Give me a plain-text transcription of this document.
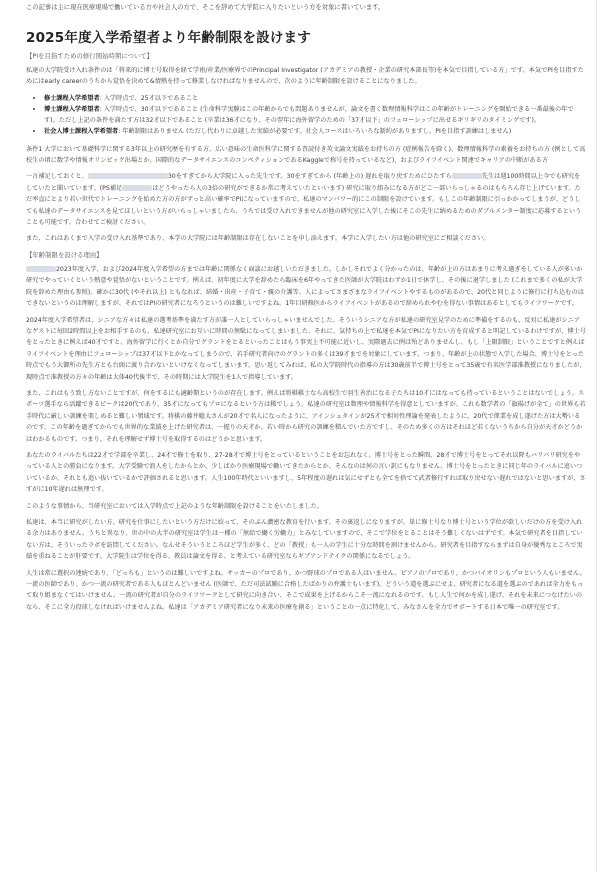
この記事は主に現在医療現場で働いている方や社会人の方で、そこを辞めて大学院に入りたいという方を対象に書いています。

2025年度入学希望者より年齢制限を設けます
【PIを目指すための修行開始時期について】

私達の大学院受け入れ条件のは「将来的に博士号取得を経て学術/産業/医療界でのPrincipal Investigator (アカデミアの教授・企業の研究本部長等)を本気で目指している方」です。本気でPIを目指すためにはearly careerのうちから覚悟を決めて&情熱を持って修業しなければなりませんので、次のように年齢制限を設けることになりました。

• 修士課程入学希望者: 入学時点で、25才以下であること
• 博士課程入学希望者: 入学時点で、30才以下であること (生命科学実験はこの年齢からでも問題ありませんが、論文を書く数理情報科学はこの年齢がトレーニングを開始できる一番最後の年です)。ただし上記の条件を満たす方は32才以下であること (卒業は36才になり、その翌年に海外留学のための「37才以下」のフェローシップに出せるギリギリのタイミングです)。
• 社会人博士課程入学希望者: 年齢制限はありません (ただし代わりに卓越した実績が必要です。社会人コースはいろいろな制約がありますし、PIを目指す訓練はしません)

条件1 大学において基礎科学に関する3年以上の研究歴を有する方、広い意味の生命医科学に関する査読付き英文論文実績をお持ちの方 (症例報告を除く)、数理情報科学の素養をお持ちの方 (例として高校生の頃に数学や情報オリンピック出場とか、国際的なデータサイエンスのコンペティションであるKaggleで称号を持っているなど)、およびライフイベント関連でキャリアの中断がある方

一言補足しておくと、	30をすぎてから大学院に入った先生です。30をすぎてから (年齢上の) 遅れを取り戻すためにひたすら	先生は週100時間以上今でも研究をしていたと聞いています。(PS補足	はどうやったら人の3倍の研究ができるか常に考えていたといいます) 研究に取り組みになる方がどこ一部いらっしゃるのはもちろん存じ上げています。ただ率直にとより若い世代でトレーニングを始めた方の方がずっと高い確率でPIになっていますので、私達のマンパワー的にこの制限を設けています。もしこの年齢制限に引っかかってしまうが、どうしても私達のデータサイエンスを見てほしいという方がいらっしゃいましたら、うちでは受け入れできませんが他の研究室に入学した後にそこの先生に納めるためのダブルメンター制度に応募するということも可能です。合わせてご検討ください。

また、これはあくまで入学の受け入れ基準であり、本学の大学院には年齢制限は存在しないことを申し添えます。本学に入学したい方は他の研究室にご相談ください。

【年齢制限を設ける理由】

2023年度入学、および2024年度入学希望の方までは年齢に関係なく面談にお越しいただきました。しかしそれでよく分かったのは、年齢が上の方はあまりに考え過ぎをしている人が多いか研究でやっていくという熱意や覚悟がないということです。例えば、初年度に大学を辞めたら臨床を6年やってきた医師が大学院はわずか1日で休学し、その後に退学しました (これまで多くの私が大学院を辞めた理由も参照)。確かに30代 (やそれ以上) ともなれば、結婚・出産・子育て・親の介護等、人によってさまざまなライフイベントやするものがあるので、20代と同じように修行に打ち込むのはできないというのは理解しますが、それではPIの研究者になろうというのは難しいですよね。1年目研修医からライフイベントがあるので辞められやむを得ない事情はあるとしてもライフワークです。

2024年度入学希望者は、シニアな方々は私達の選考基準を満たす方が誰一人としていらっしゃいませんでした。そういうシニアな方が私達の研究室見学のために準備をするのも、反対に私達がシニアなゲストに毎回2時間以上をお相手するのも、私達研究室にお互いに時間の無駄になってしまいました。それに、気持ちの上で私達を本気でPIになりたい方を育成すると明記しているわけですが、博士号をとったときに例えば40才ですと、海外留学に行くとか自分でグラントをとるといったことはもう事実上不可能に近いし、実際過去に例は殆どありませんし、もし「上限制限」ということですと例えばライフイベントを理由にフェローシップは37才以下とかなってしまうので、若手研究者向けのグラントの多くは39才までを対象にしています。つまり、年齢が上の状態で入学した場合、博士号をとった時点でもう大御所の先生方とも台頭に渡り合わないといけなくなってしまいます。思い返してみれば、私の大学院時代の指導の方は30歳前半で博士号をとって35歳で有名医学部准教授になりましたが、現時点で准教授の方々の年齢は大体40代後半で、その時期には大学院生を1人で指導しています。

また、これはもう致し方ないことですが、何をするにも適齢期というのが存在します。例えば将棋棋士なら高校生で羽生善治になる子たちは10才にはなっても持っているということはないでしょう。スポーツ選手なら活躍できるピークは20代であり、35才になってもプロになるという方は稀でしょう。私達の研究室は数理や情報科学を得意としていますが、これも数学者の「旗揚げが全て」の世界も若手時代に厳しい訓練を楽しめると難しい領域です。将棋の藤井聡太さんが20才で名人になったように、アインシュタインが25才で相対性理論を発表したように、20代で偉業を成し遂げた方は大勢いるのです。この年齢を過ぎてからでも世界的な業績を上げた研究者は、一握りの天才か、若い時から研究の訓練を積んでいた方ですし、そのため多くの方はそれほど若くないうちから自分が天才かどうかはわかるものです。つまり、それを理解せず博士号を取得するのはどうかと思います。

あなたのライバルたちは22才で学部を卒業し、24才で修士を取り、27-28才で博士号をとっているということをお忘れなく。博士号をとった瞬間、28才で博士号をとってそれ以降もバリバリ研究をやっている人との勝負になります。大学受験で浪人をしたからとか、少しばかり医療現場で働いてきたからとか、そんなのは何の言い訳にもなりません。博士号をとったときに同じ年のライバルに追いついているか、それとも追い抜いているかで評価されると思います。人生100年時代といいますし、5年程度の遅れは気にせずとも全てを捨てて武者修行すれば取り戻せない遅れではないと思いますが、さすがに10年遅れは無理です。

このような事情から、当研究室においては入学時点で上記のような年齢制限を設けることをいたしました。

私達は、本当に研究がしたい方、研究を仕事にしたいという方だけに絞って、そのぶん濃密な教育を行います。その裏返しになりますが、単に修士号なり博士号という学位が欲しいだけの方を受け入れる余力はありません。うちと異なり、世の中の大半の研究室は学生は一種の「無給で働く労働力」とみなしていますので、そこで学位をとることはそう難しくないはずです。本気で研究者を目指していない方は、そういったラボを訪問してください。なんせそういうところほど学生が多く、どの「教授」も一人の学生に十分な時間を割けませんから、研究者を目指すならまずは自身が優秀なところで実績を重ねることが肝要です。大学院生は学位を得る、教員は論文を得る、と考えている研究室ならギブアンドテイクの関係になるでしょう。

人生は常に選択の連続であり、「どっちも」というのは難しいですよね。サッカーのプロであり、かつ野球のプロである人はいません。ピアノのプロであり、かつバイオリンもプロという人もいません。一流の医師であり、かつ一流の研究者である人もほとんどいません (医師で、ただ司法試験に合格したばかりの弁護士もいます)。どういう道を選ぶにせよ、研究者になる道を選ぶのであれば全力をもって取り組まなくてはいけません。一流の研究者が自分のライフワークとして研究に向き合い、そこで成果を上げるからこそ一流になれるのです。もし人生で何かを成し遂げ、それを未来につなげたいのなら、そこに全力投球しなければいけませんよね。私達は「アカデミア研究者になり未来の医療を創る」ということの一点に特化して、みなさんを全力でサポートする日本で唯一の研究室です。
